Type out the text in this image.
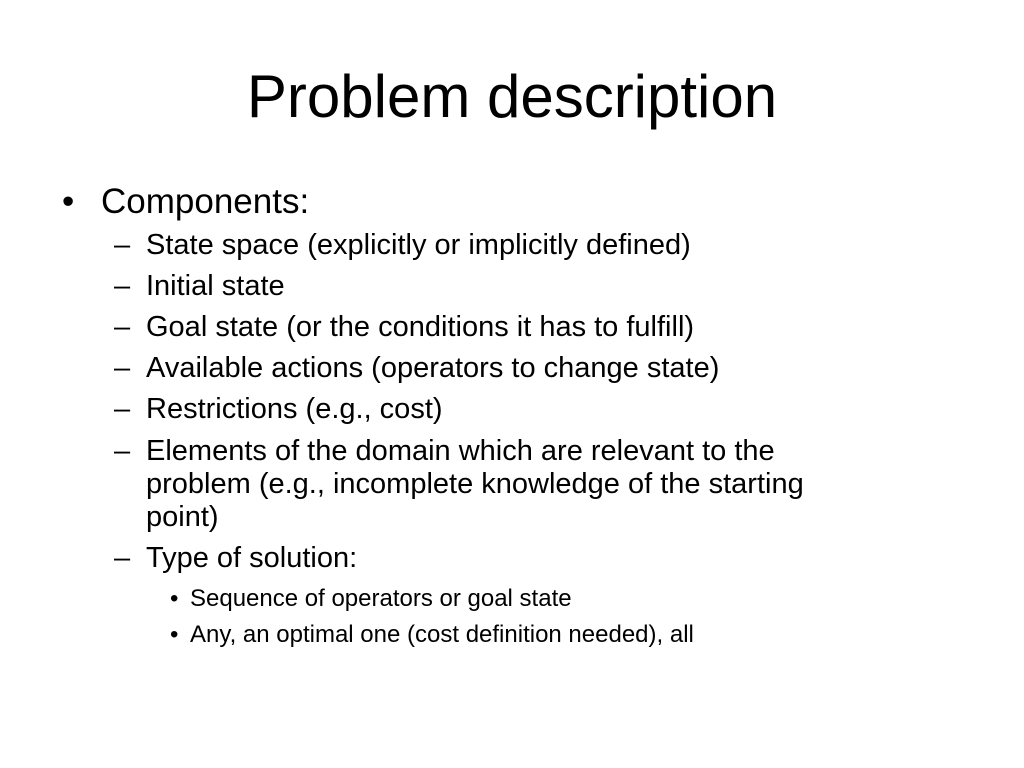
Problem description
• Components:
– State space (explicitly or implicitly defined)
– Initial state
– Goal state (or the conditions it has to fulfill)
– Available actions (operators to change state)
– Restrictions (e.g., cost)
– Elements of the domain which are relevant to the
problem (e.g., incomplete knowledge of the starting
point)
– Type of solution:
• Sequence of operators or goal state
• Any, an optimal one (cost definition needed), all
